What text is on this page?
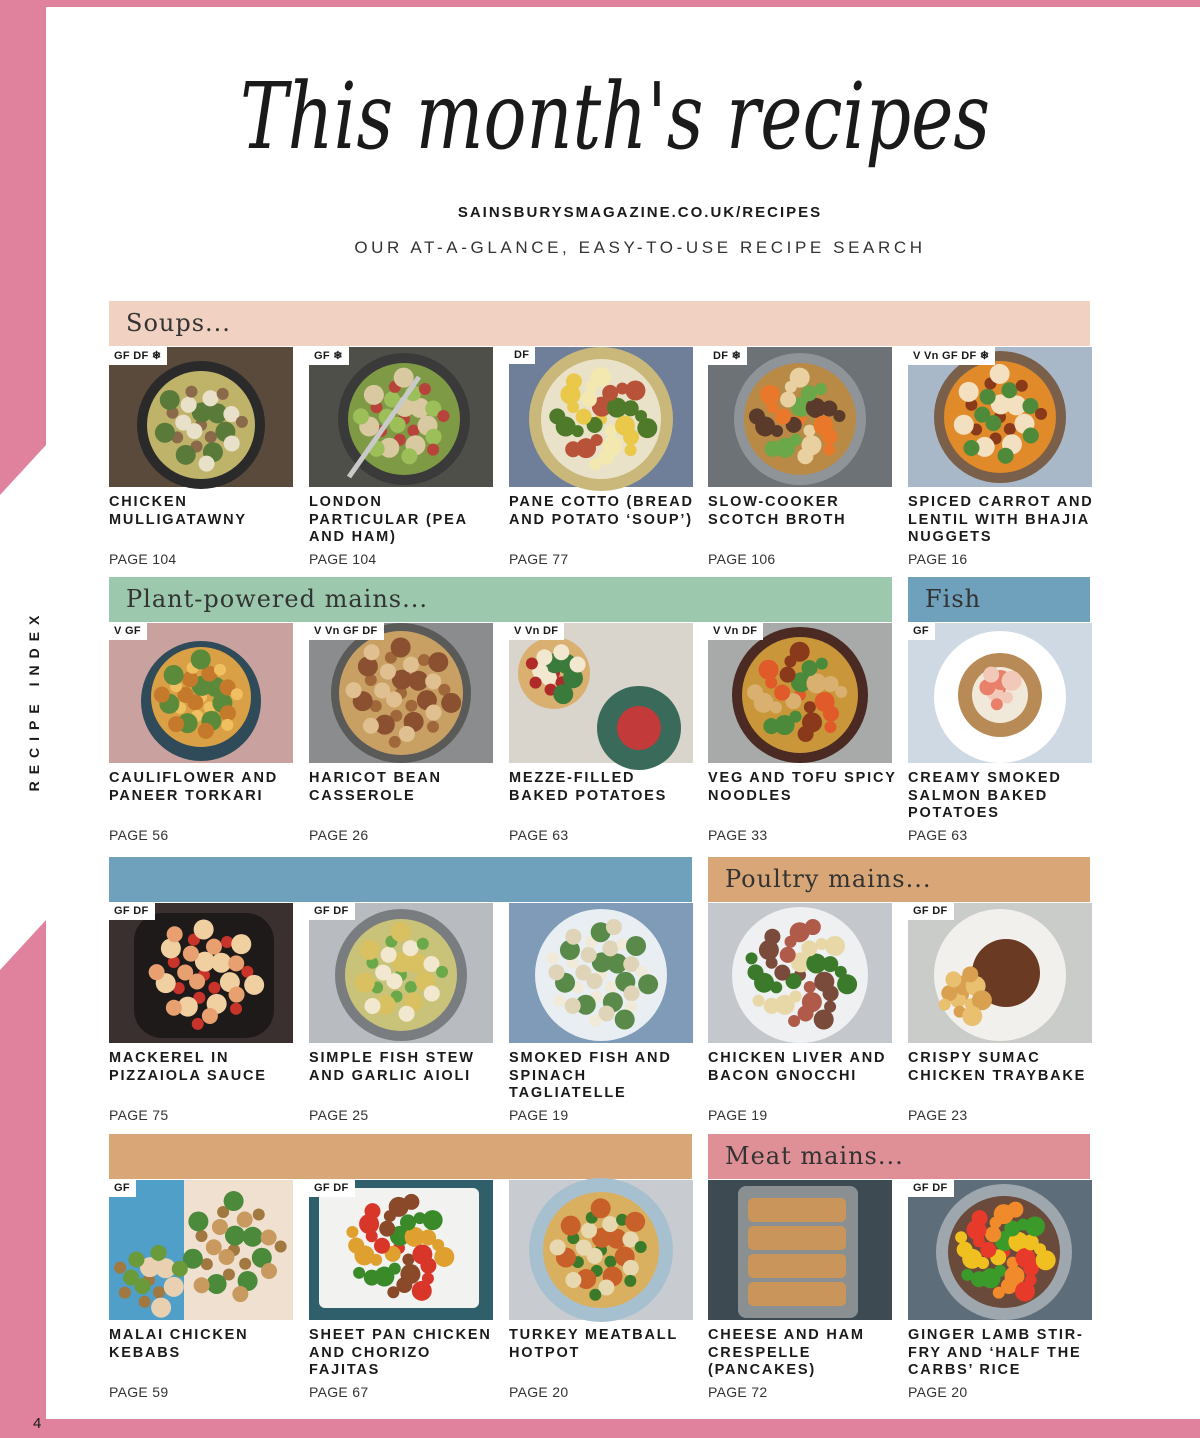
RECIPE INDEX
4
This month's recipes
SAINSBURYSMAGAZINE.CO.UK/RECIPES
OUR AT-A-GLANCE, EASY-TO-USE RECIPE SEARCH
Soups...
Plant-powered mains...	Fish
Poultry mains...
Meat mains...
GF DF ❄
CHICKEN MULLIGATAWNY
PAGE 104
GF ❄
LONDON PARTICULAR (PEA AND HAM)
PAGE 104
DF
PANE COTTO (BREAD AND POTATO ‘SOUP’)
PAGE 77
DF ❄
SLOW-COOKER SCOTCH BROTH
PAGE 106
V Vn GF DF ❄
SPICED CARROT AND LENTIL WITH BHAJIA NUGGETS
PAGE 16
V GF
CAULIFLOWER AND PANEER TORKARI
PAGE 56
V Vn GF DF
HARICOT BEAN CASSEROLE
PAGE 26
V Vn DF
MEZZE-FILLED BAKED POTATOES
PAGE 63
V Vn DF
VEG AND TOFU SPICY NOODLES
PAGE 33
GF
CREAMY SMOKED SALMON BAKED POTATOES
PAGE 63
GF DF
MACKEREL IN PIZZAIOLA SAUCE
PAGE 75
GF DF
SIMPLE FISH STEW AND GARLIC AIOLI
PAGE 25
SMOKED FISH AND SPINACH TAGLIATELLE
PAGE 19
CHICKEN LIVER AND BACON GNOCCHI
PAGE 19
GF DF
CRISPY SUMAC CHICKEN TRAYBAKE
PAGE 23
GF
MALAI CHICKEN KEBABS
PAGE 59
GF DF
SHEET PAN CHICKEN AND CHORIZO FAJITAS
PAGE 67
TURKEY MEATBALL HOTPOT
PAGE 20
CHEESE AND HAM CRESPELLE (PANCAKES)
PAGE 72
GF DF
GINGER LAMB STIR-FRY AND ‘HALF THE CARBS’ RICE
PAGE 20
